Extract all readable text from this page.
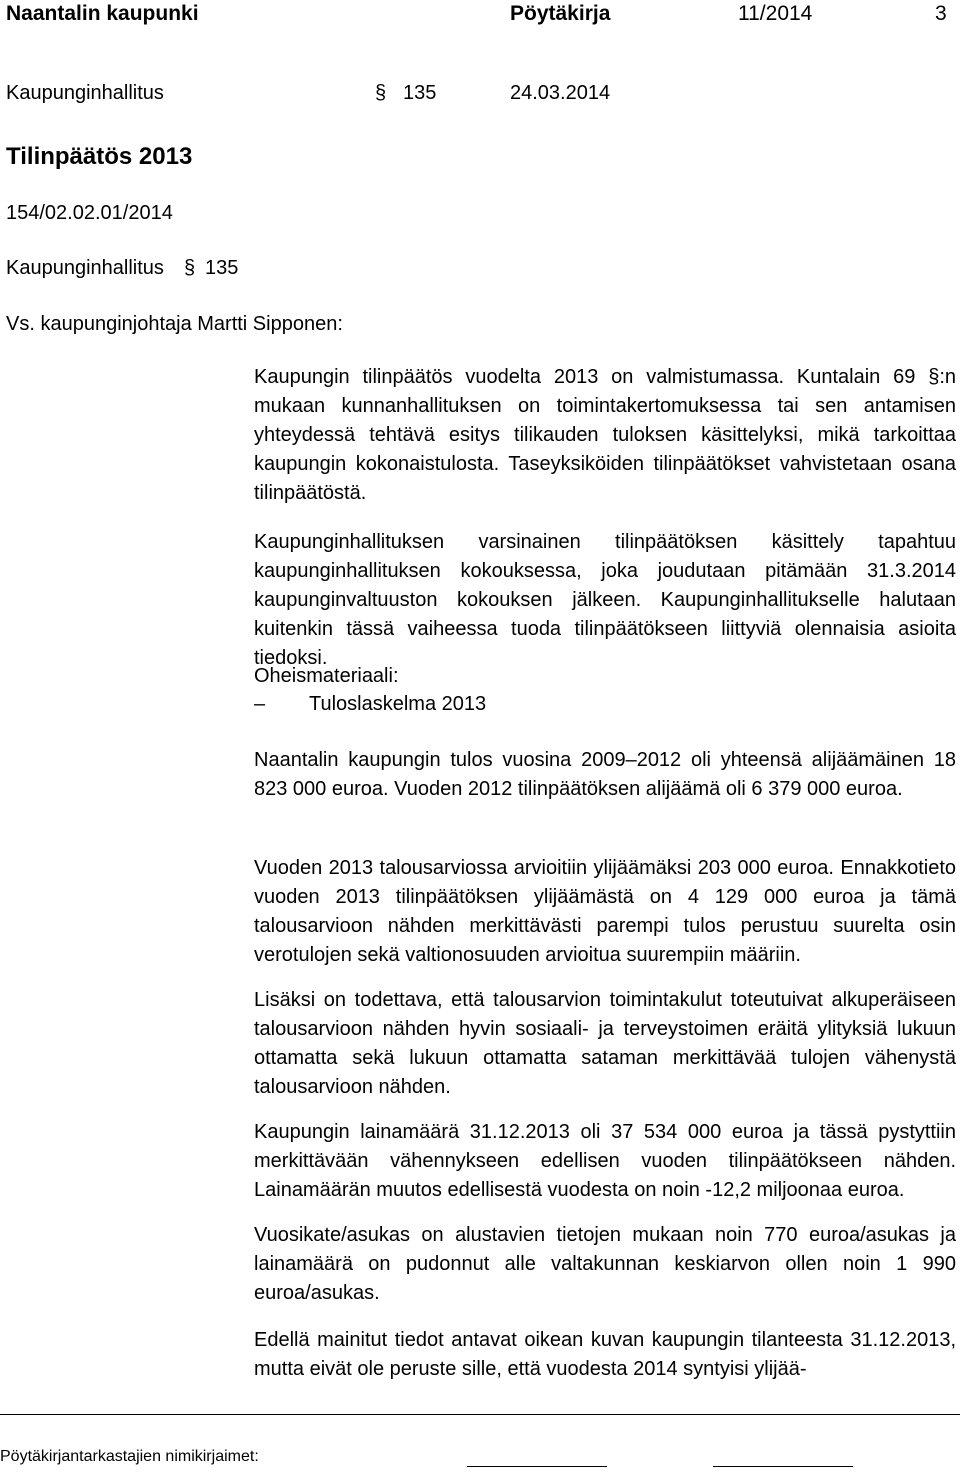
Naantalin kaupunki	Pöytäkirja	11/2014	3
Kaupunginhallitus	§ 135	24.03.2014
Tilinpäätös 2013
154/02.02.01/2014
Kaupunginhallitus § 135
Vs. kaupunginjohtaja Martti Sipponen:
Kaupungin tilinpäätös vuodelta 2013 on valmistumassa. Kuntalain 69 §:n mukaan kunnanhallituksen on toimintakertomuksessa tai sen antamisen yhteydessä tehtävä esitys tilikauden tuloksen käsittelyksi, mikä tarkoittaa kaupungin kokonaistulosta. Taseyksiköiden tilinpäätökset vahvistetaan osana tilinpäätöstä.
Kaupunginhallituksen varsinainen tilinpäätöksen käsittely tapahtuu kaupunginhallituksen kokouksessa, joka joudutaan pitämään 31.3.2014 kaupunginvaltuuston kokouksen jälkeen. Kaupunginhallitukselle halutaan kuitenkin tässä vaiheessa tuoda tilinpäätökseen liittyviä olennaisia asioita tiedoksi.
Oheismateriaali:
– Tuloslaskelma 2013
Naantalin kaupungin tulos vuosina 2009–2012 oli yhteensä alijäämäinen 18 823 000 euroa. Vuoden 2012 tilinpäätöksen alijäämä oli 6 379 000 euroa.
Vuoden 2013 talousarviossa arvioitiin ylijäämäksi 203 000 euroa. Ennakkotieto vuoden 2013 tilinpäätöksen ylijäämästä on 4 129 000 euroa ja tämä talousarvioon nähden merkittävästi parempi tulos perustuu suurelta osin verotulojen sekä valtionosuuden arvioitua suurempiin määriin.
Lisäksi on todettava, että talousarvion toimintakulut toteutuivat alkuperäiseen talousarvioon nähden hyvin sosiaali- ja terveystoimen eräitä ylityksiä lukuun ottamatta sekä lukuun ottamatta sataman merkittävää tulojen vähenystä talousarvioon nähden.
Kaupungin lainamäärä 31.12.2013 oli 37 534 000 euroa ja tässä pystyttiin merkittävään vähennykseen edellisen vuoden tilinpäätökseen nähden. Lainamäärän muutos edellisestä vuodesta on noin -12,2 miljoonaa euroa.
Vuosikate/asukas on alustavien tietojen mukaan noin 770 euroa/asukas ja lainamäärä on pudonnut alle valtakunnan keskiarvon ollen noin 1 990 euroa/asukas.
Edellä mainitut tiedot antavat oikean kuvan kaupungin tilanteesta 31.12.2013, mutta eivät ole peruste sille, että vuodesta 2014 syntyisi ylijää-
Pöytäkirjantarkastajien nimikirjaimet:
